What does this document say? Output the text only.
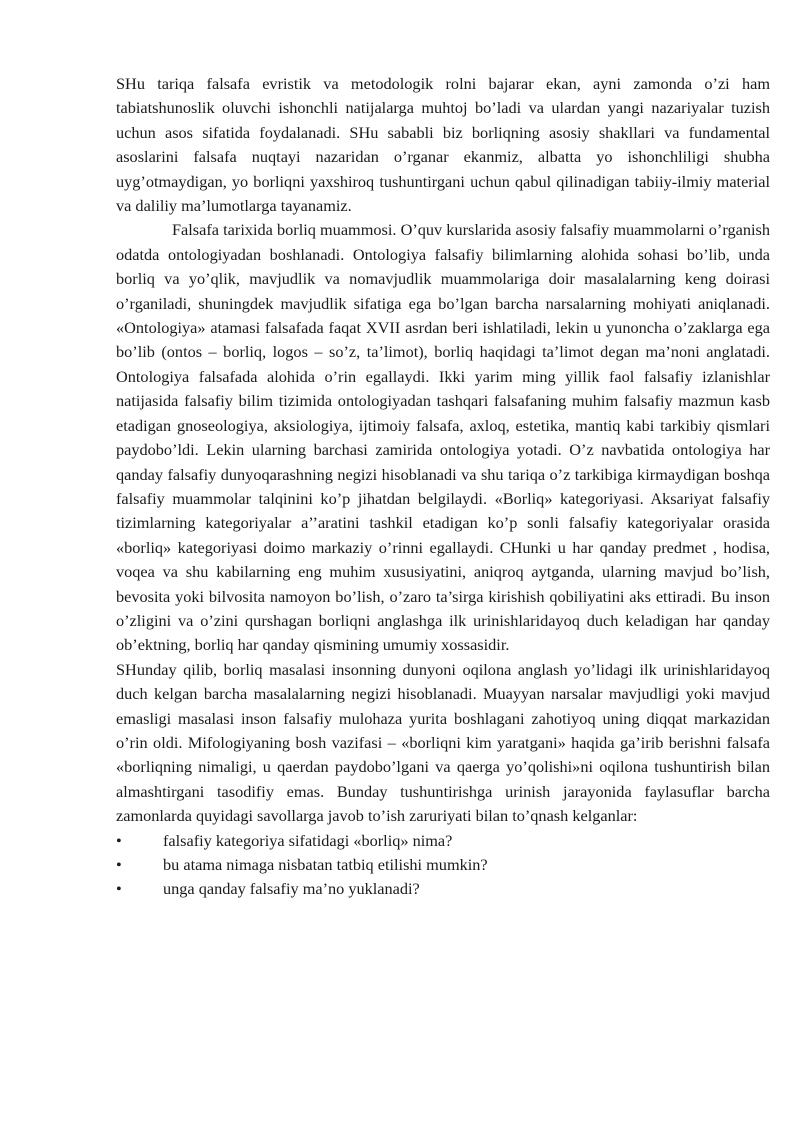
SHu tariqa falsafa evristik va metodologik rolni bajarar ekan, ayni zamonda o’zi ham tabiatshunoslik oluvchi ishonchli natijalarga muhtoj bo’ladi va ulardan yangi nazariyalar tuzish uchun asos sifatida foydalanadi. SHu sababli biz borliqning asosiy shakllari va fundamental asoslarini falsafa nuqtayi nazaridan o’rganar ekanmiz, albatta yo ishonchliligi shubha uyg’otmaydigan, yo borliqni yaxshiroq tushuntirgani uchun qabul qilinadigan tabiiy-ilmiy material va daliliy ma’lumotlarga tayanamiz.

Falsafa tarixida borliq muammosi. O’quv kurslarida asosiy falsafiy muammolarni o’rganish odatda ontologiyadan boshlanadi. Ontologiya falsafiy bilimlarning alohida sohasi bo’lib, unda borliq va yo’qlik, mavjudlik va nomavjudlik muammolariga doir masalalarning keng doirasi o’rganiladi, shuningdek mavjudlik sifatiga ega bo’lgan barcha narsalarning mohiyati aniqlanadi. «Ontologiya» atamasi falsafada faqat XVII asrdan beri ishlatiladi, lekin u yunoncha o’zaklarga ega bo’lib (ontos – borliq, logos – so’z, ta’limot), borliq haqidagi ta’limot degan ma’noni anglatadi. Ontologiya falsafada alohida o’rin egallaydi. Ikki yarim ming yillik faol falsafiy izlanishlar natijasida falsafiy bilim tizimida ontologiyadan tashqari falsafaning muhim falsafiy mazmun kasb etadigan gnoseologiya, aksiologiya, ijtimoiy falsafa, axloq, estetika, mantiq kabi tarkibiy qismlari paydobo’ldi. Lekin ularning barchasi zamirida ontologiya yotadi. O’z navbatida ontologiya har qanday falsafiy dunyoqarashning negizi hisoblanadi va shu tariqa o’z tarkibiga kirmaydigan boshqa falsafiy muammolar talqinini ko’p jihatdan belgilaydi. «Borliq» kategoriyasi. Aksariyat falsafiy tizimlarning kategoriyalar a’’aratini tashkil etadigan ko’p sonli falsafiy kategoriyalar orasida «borliq» kategoriyasi doimo markaziy o’rinni egallaydi. CHunki u har qanday predmet , hodisa, voqea va shu kabilarning eng muhim xususiyatini, aniqroq aytganda, ularning mavjud bo’lish, bevosita yoki bilvosita namoyon bo’lish, o’zaro ta’sirga kirishish qobiliyatini aks ettiradi. Bu inson o’zligini va o’zini qurshagan borliqni anglashga ilk urinishlaridayoq duch keladigan har qanday ob’ektning, borliq har qanday qismining umumiy xossasidir.

SHunday qilib, borliq masalasi insonning dunyoni oqilona anglash yo’lidagi ilk urinishlaridayoq duch kelgan barcha masalalarning negizi hisoblanadi. Muayyan narsalar mavjudligi yoki mavjud emasligi masalasi inson falsafiy mulohaza yurita boshlagani zahotiyoq uning diqqat markazidan o’rin oldi. Mifologiyaning bosh vazifasi – «borliqni kim yaratgani» haqida ga’irib berishni falsafa «borliqning nimaligi, u qaerdan paydobo’lgani va qaerga yo’qolishi»ni oqilona tushuntirish bilan almashtirgani tasodifiy emas. Bunday tushuntirishga urinish jarayonida faylasuflar barcha zamonlarda quyidagi savollarga javob to’ish zaruriyati bilan to’qnash kelganlar:

•	falsafiy kategoriya sifatidagi «borliq» nima?
•	bu atama nimaga nisbatan tatbiq etilishi mumkin?
•	unga qanday falsafiy ma’no yuklanadi?
